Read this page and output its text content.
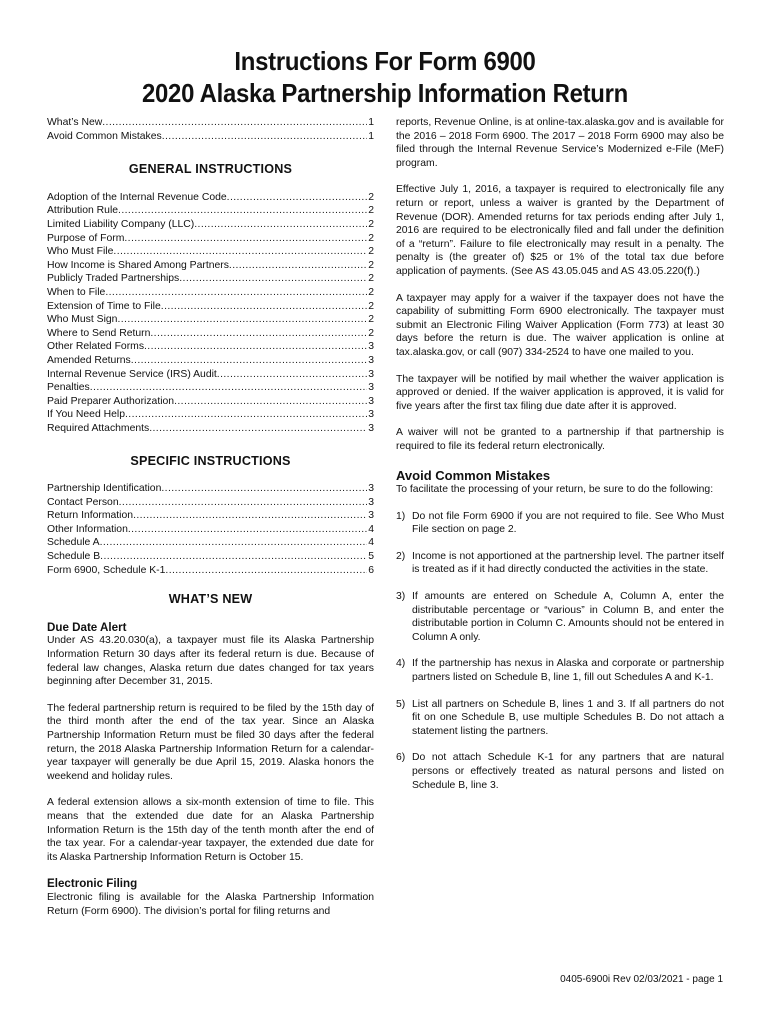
Instructions For Form 6900
2020 Alaska Partnership Information Return
What’s New .....	1
Avoid Common Mistakes .....	1
GENERAL INSTRUCTIONS
Adoption of the Internal Revenue Code .....	2
Attribution Rule .....	2
Limited Liability Company (LLC) .....	2
Purpose of Form .....	2
Who Must File .....	2
How Income is Shared Among Partners .....	2
Publicly Traded Partnerships .....	2
When to File .....	2
Extension of Time to File .....	2
Who Must Sign .....	2
Where to Send Return .....	2
Other Related Forms .....	3
Amended Returns .....	3
Internal Revenue Service (IRS) Audit .....	3
Penalties .....	3
Paid Preparer Authorization .....	3
If You Need Help .....	3
Required Attachments .....	3
SPECIFIC INSTRUCTIONS
Partnership Identification .....	3
Contact Person .....	3
Return Information .....	3
Other Information .....	4
Schedule A .....	4
Schedule B .....	5
Form 6900, Schedule K-1 .....	6
WHAT’S NEW
Due Date Alert

Under AS 43.20.030(a), a taxpayer must file its Alaska Partnership Information Return 30 days after its federal return is due. Because of federal law changes, Alaska return due dates changed for tax years beginning after December 31, 2015.

The federal partnership return is required to be filed by the 15th day of the third month after the end of the tax year. Since an Alaska Partnership Information Return must be filed 30 days after the federal return, the 2018 Alaska Partnership Information Return for a calendar-year taxpayer will generally be due April 15, 2019. Alaska honors the weekend and holiday rules.

A federal extension allows a six-month extension of time to file. This means that the extended due date for an Alaska Partnership Information Return is the 15th day of the tenth month after the end of the tax year. For a calendar-year taxpayer, the extended due date for its Alaska Partnership Information Return is October 15.

Electronic Filing

Electronic filing is available for the Alaska Partnership Information Return (Form 6900). The division’s portal for filing returns and

reports, Revenue Online, is at online-tax.alaska.gov and is available for the 2016 – 2018 Form 6900. The 2017 – 2018 Form 6900 may also be filed through the Internal Revenue Service’s Modernized e-File (MeF) program.

Effective July 1, 2016, a taxpayer is required to electronically file any return or report, unless a waiver is granted by the Department of Revenue (DOR). Amended returns for tax periods ending after July 1, 2016 are required to be electronically filed and fall under the definition of a “return”. Failure to file electronically may result in a penalty. The penalty is (the greater of) $25 or 1% of the total tax due before application of payments. (See AS 43.05.045 and AS 43.05.220(f).)

A taxpayer may apply for a waiver if the taxpayer does not have the capability of submitting Form 6900 electronically. The taxpayer must submit an Electronic Filing Waiver Application (Form 773) at least 30 days before the return is due. The waiver application is online at tax.alaska.gov, or call (907) 334-2524 to have one mailed to you.

The taxpayer will be notified by mail whether the waiver application is approved or denied. If the waiver application is approved, it is valid for five years after the first tax filing due date after it is approved.

A waiver will not be granted to a partnership if that partnership is required to file its federal return electronically.

Avoid Common Mistakes

To facilitate the processing of your return, be sure to do the following:

1) Do not file Form 6900 if you are not required to file. See Who Must File section on page 2.
2) Income is not apportioned at the partnership level. The partner itself is treated as if it had directly conducted the activities in the state.
3) If amounts are entered on Schedule A, Column A, enter the distributable percentage or “various” in Column B, and enter the distributable portion in Column C. Amounts should not be entered in Column A only.
4) If the partnership has nexus in Alaska and corporate or partnership partners listed on Schedule B, line 1, fill out Schedules A and K-1.
5) List all partners on Schedule B, lines 1 and 3. If all partners do not fit on one Schedule B, use multiple Schedules B. Do not attach a statement listing the partners.
6) Do not attach Schedule K-1 for any partners that are natural persons or effectively treated as natural persons and listed on Schedule B, line 3.
0405-6900i Rev 02/03/2021 - page 1
